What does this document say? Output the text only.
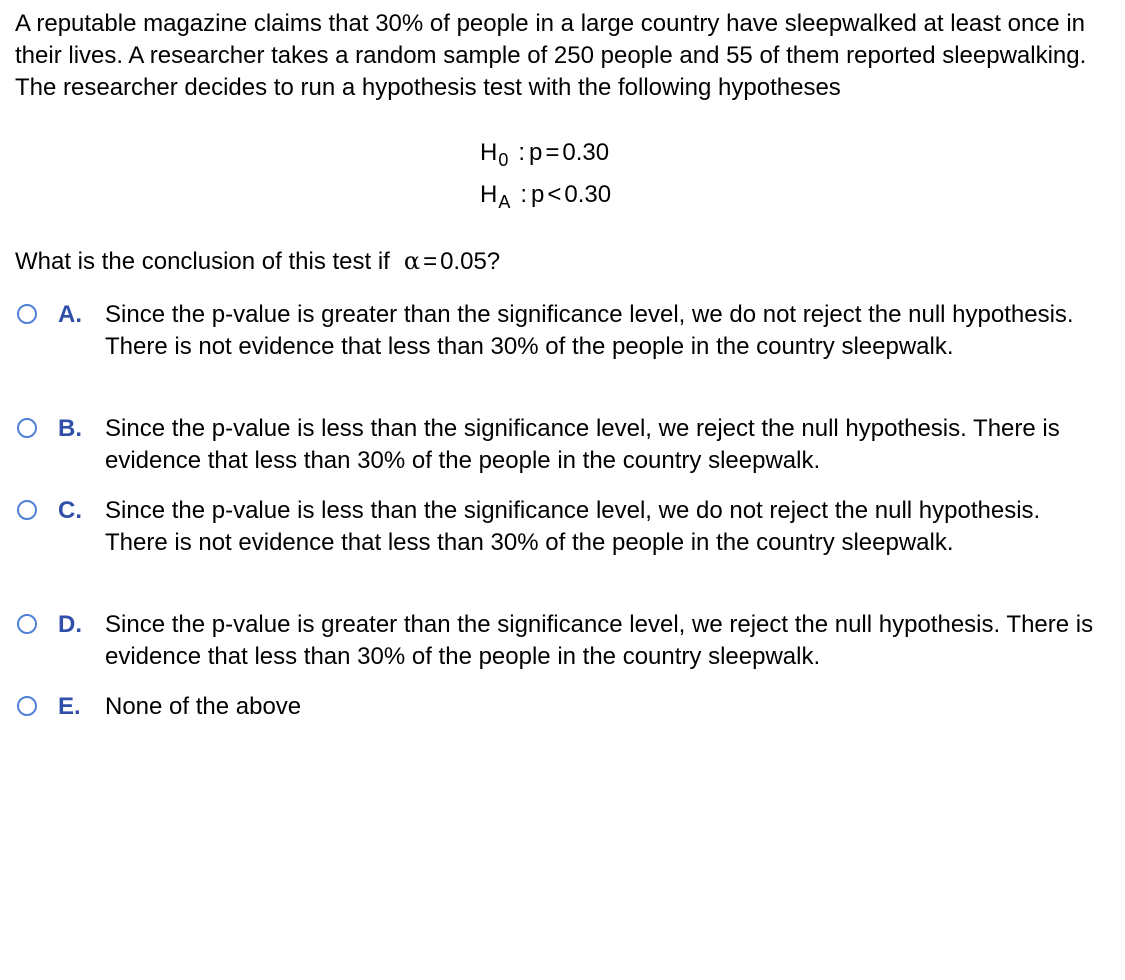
A reputable magazine claims that 30% of people in a large country have sleepwalked at least once in their lives. A researcher takes a random sample of 250 people and 55 of them reported sleepwalking. The researcher decides to run a hypothesis test with the following hypotheses

$H_0$ : p = 0.30
$H_A$ : p < 0.30
What is the conclusion of this test if α = 0.05?
A. Since the p-value is greater than the significance level, we do not reject the null hypothesis. There is not evidence that less than 30% of the people in the country sleepwalk.
B. Since the p-value is less than the significance level, we reject the null hypothesis. There is evidence that less than 30% of the people in the country sleepwalk.
C. Since the p-value is less than the significance level, we do not reject the null hypothesis. There is not evidence that less than 30% of the people in the country sleepwalk.
D. Since the p-value is greater than the significance level, we reject the null hypothesis. There is evidence that less than 30% of the people in the country sleepwalk.
E. None of the above
